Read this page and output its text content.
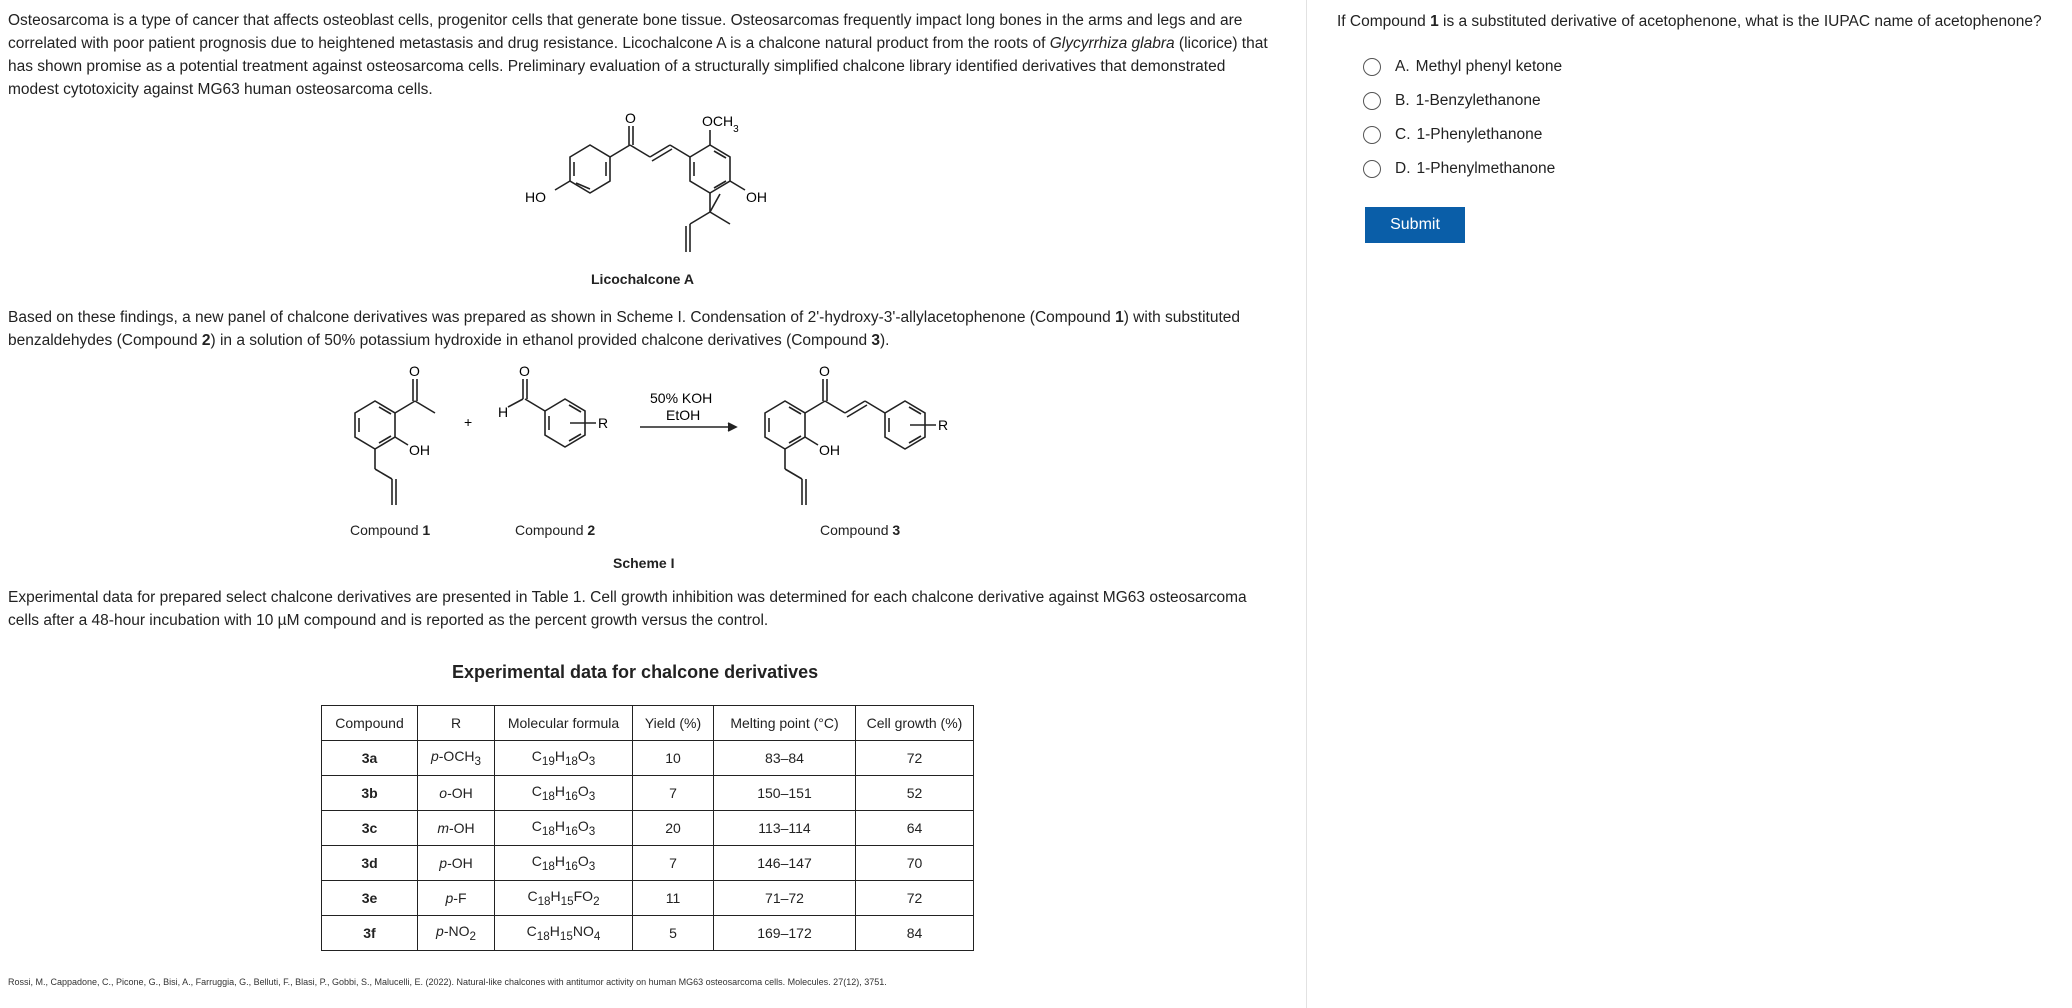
Osteosarcoma is a type of cancer that affects osteoblast cells, progenitor cells that generate bone tissue. Osteosarcomas frequently impact long bones in the arms and legs and are correlated with poor patient prognosis due to heightened metastasis and drug resistance. Licochalcone A is a chalcone natural product from the roots of Glycyrrhiza glabra (licorice) that has shown promise as a potential treatment against osteosarcoma cells. Preliminary evaluation of a structurally simplified chalcone library identified derivatives that demonstrated modest cytotoxicity against MG63 human osteosarcoma cells.

O	$OCH_3$
HO	OH
Licochalcone A

Based on these findings, a new panel of chalcone derivatives was prepared as shown in Scheme I. Condensation of 2'-hydroxy-3'-allylacetophenone (Compound 1) with substituted benzaldehydes (Compound 2) in a solution of 50% potassium hydroxide in ethanol provided chalcone derivatives (Compound 3).

O
OH
+
H
O
R
50% KOH
EtOH
O
OH
R
Compound 1	Compound 2	Compound 3
Scheme I

Experimental data for prepared select chalcone derivatives are presented in Table 1. Cell growth inhibition was determined for each chalcone derivative against MG63 osteosarcoma cells after a 48-hour incubation with 10 µM compound and is reported as the percent growth versus the control.

Experimental data for chalcone derivatives
Compound	R	Molecular formula	Yield (%)	Melting point (°C)	Cell growth (%)
3a	$p-OCH_3$	$C_{19}H_{18}O_3$	10	83–84	72
3b	o-OH	$C_{18}H_{16}O_3$	7	150–151	52
3c	m-OH	$C_{18}H_{16}O_3$	20	113–114	64
3d	p-OH	$C_{18}H_{16}O_3$	7	146–147	70
3e	p-F	$C_{18}H_{15}FO_2$	11	71–72	72
3f	$p-NO_2$	$C_{18}H_{15}NO_4$	5	169–172	84
Rossi, M., Cappadone, C., Picone, G., Bisi, A., Farruggia, G., Belluti, F., Blasi, P., Gobbi, S., Malucelli, E. (2022). Natural-like chalcones with antitumor activity on human MG63 osteosarcoma cells. Molecules. 27(12), 3751.

If Compound 1 is a substituted derivative of acetophenone, what is the IUPAC name of acetophenone?

A. Methyl phenyl ketone
B. 1-Benzylethanone
C. 1-Phenylethanone
D. 1-Phenylmethanone
Submit
